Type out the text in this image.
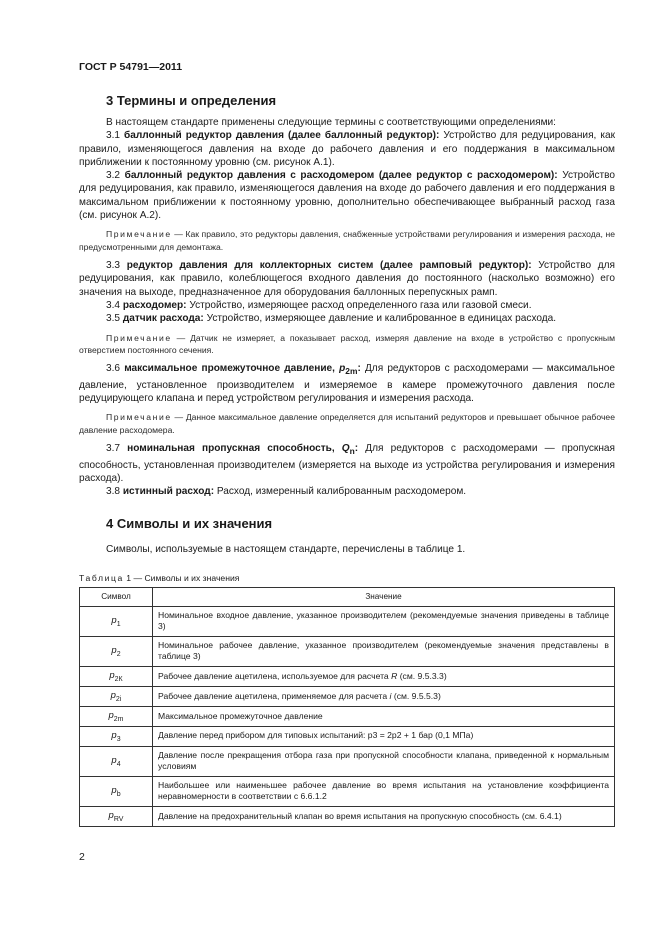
ГОСТ Р 54791—2011
3 Термины и определения

В настоящем стандарте применены следующие термины с соответствующими определениями:

3.1 баллонный редуктор давления (далее баллонный редуктор): Устройство для редуцирования, как правило, изменяющегося давления на входе до рабочего давления и его поддержания в максимальном приближении к постоянному уровню (см. рисунок А.1).

3.2 баллонный редуктор давления с расходомером (далее редуктор с расходомером): Устройство для редуцирования, как правило, изменяющегося давления на входе до рабочего давления и его поддержания в максимальном приближении к постоянному уровню, дополнительно обеспечивающее выбранный расход газа (см. рисунок А.2).

Примечание — Как правило, это редукторы давления, снабженные устройствами регулирования и измерения расхода, не предусмотренными для демонтажа.

3.3 редуктор давления для коллекторных систем (далее рамповый редуктор): Устройство для редуцирования, как правило, колеблющегося входного давления до постоянного (насколько возможно) его значения на выходе, предназначенное для оборудования баллонных перепускных рамп.

3.4 расходомер: Устройство, измеряющее расход определенного газа или газовой смеси.

3.5 датчик расхода: Устройство, измеряющее давление и калиброванное в единицах расхода.

Примечание — Датчик не измеряет, а показывает расход, измеряя давление на входе в устройство с пропускным отверстием постоянного сечения.

3.6 максимальное промежуточное давление, $p_{2m}$: Для редукторов с расходомерами — максимальное давление, установленное производителем и измеряемое в камере промежуточного давления после редуцирующего клапана и перед устройством регулирования и измерения расхода.

Примечание — Данное максимальное давление определяется для испытаний редукторов и превышает обычное рабочее давление расходомера.

3.7 номинальная пропускная способность, $Q_n$: Для редукторов с расходомерами — пропускная способность, установленная производителем (измеряется на выходе из устройства регулирования и измерения расхода).

3.8 истинный расход: Расход, измеренный калиброванным расходомером.

4 Символы и их значения

Символы, используемые в настоящем стандарте, перечислены в таблице 1.

Таблица 1 — Символы и их значения
Символ	Значение
$p_1$	Номинальное входное давление, указанное производителем (рекомендуемые значения приведены в таблице 3)
$p_2$	Номинальное рабочее давление, указанное производителем (рекомендуемые значения представлены в таблице 3)
$p_{2К}$	Рабочее давление ацетилена, используемое для расчета R (см. 9.5.3.3)
$p_{2i}$	Рабочее давление ацетилена, применяемое для расчета i (см. 9.5.5.3)
$p_{2m}$	Максимальное промежуточное давление
$p_3$	Давление перед прибором для типовых испытаний: р3 = 2р2 + 1 бар (0,1 МПа)
$p_4$	Давление после прекращения отбора газа при пропускной способности клапана, приведенной к нормальным условиям
$p_b$	Наибольшее или наименьшее рабочее давление во время испытания на установление коэффициента неравномерности в соответствии с 6.6.1.2
$p_{RV}$	Давление на предохранительный клапан во время испытания на пропускную способность (см. 6.4.1)
2
